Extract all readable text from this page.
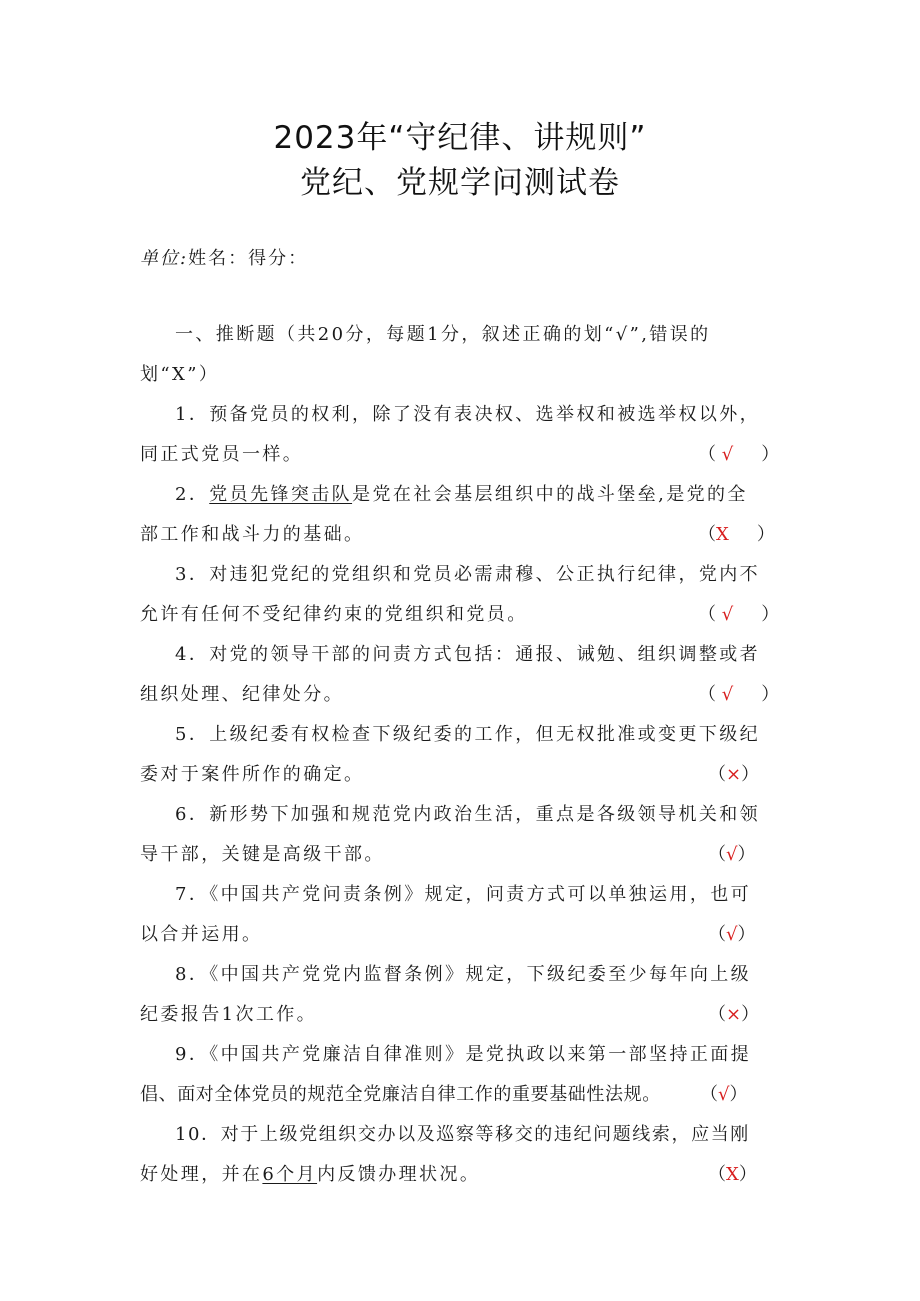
2023年“守纪律、讲规则”
党纪、党规学问测试卷
单位:姓名：得分：
一、推断题（共20分，每题1分，叙述正确的划“√”,错误的
划“X”）
1．预备党员的权利，除了没有表决权、选举权和被选举权以外，
同正式党员一样。	（ √ ）
2．党员先锋突击队是党在社会基层组织中的战斗堡垒,是党的全
部工作和战斗力的基础。	（X ）
3．对违犯党纪的党组织和党员必需肃穆、公正执行纪律，党内不
允许有任何不受纪律约束的党组织和党员。	（ √ ）
4．对党的领导干部的问责方式包括：通报、诫勉、组织调整或者
组织处理、纪律处分。	（ √ ）
5．上级纪委有权检查下级纪委的工作，但无权批准或变更下级纪
委对于案件所作的确定。	（×）
6．新形势下加强和规范党内政治生活，重点是各级领导机关和领
导干部，关键是高级干部。	（√）
7．《中国共产党问责条例》规定，问责方式可以单独运用，也可
以合并运用。	（√）
8．《中国共产党党内监督条例》规定，下级纪委至少每年向上级
纪委报告1次工作。	（×）
9．《中国共产党廉洁自律准则》是党执政以来第一部坚持正面提
倡、面对全体党员的规范全党廉洁自律工作的重要基础性法规。 （√）
10．对于上级党组织交办以及巡察等移交的违纪问题线索，应当刚
好处理，并在6个月内反馈办理状况。	（X）
